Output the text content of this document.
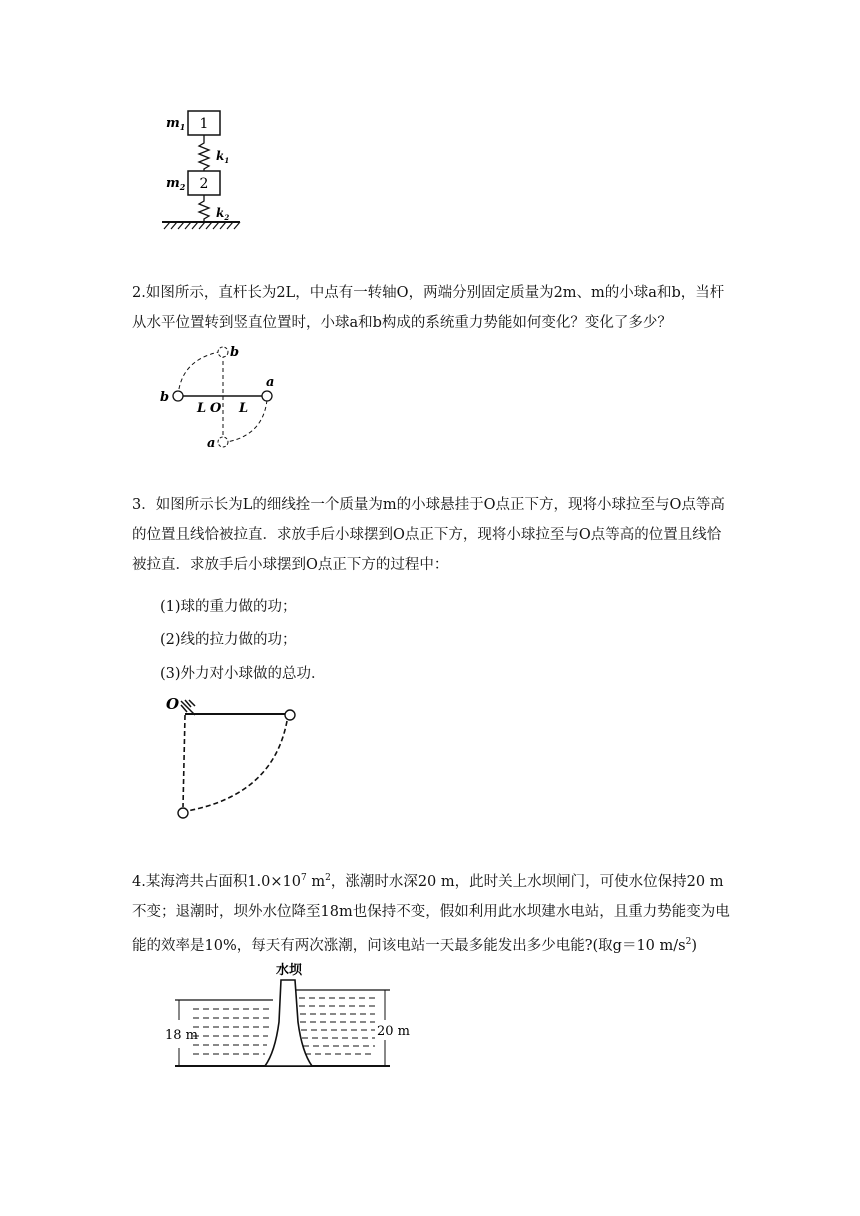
$m_1$ 1
$k_1$
$m_2$ 2
$k_2$

2.如图所示，直杆长为2L，中点有一转轴O，两端分别固定质量为2m、m的小球a和b，当杆从水平位置转到竖直位置时，小球a和b构成的系统重力势能如何变化？变化了多少？

b
a
b
a
L O L

3．如图所示长为L的细线拴一个质量为m的小球悬挂于O点正下方，现将小球拉至与O点等高的位置且线恰被拉直．求放手后小球摆到O点正下方，现将小球拉至与O点等高的位置且线恰被拉直．求放手后小球摆到O点正下方的过程中：

(1)球的重力做的功；

(2)线的拉力做的功；

(3)外力对小球做的总功．

O

4.某海湾共占面积$1.0\times 10^7$ $m^2$，涨潮时水深20 m，此时关上水坝闸门，可使水位保持20 m不变；退潮时，坝外水位降至18m也保持不变，假如利用此水坝建水电站，且重力势能变为电能的效率是10%，每天有两次涨潮，问该电站一天最多能发出多少电能?(取g＝10 $m/s^2$)

水坝
18 m	20 m
